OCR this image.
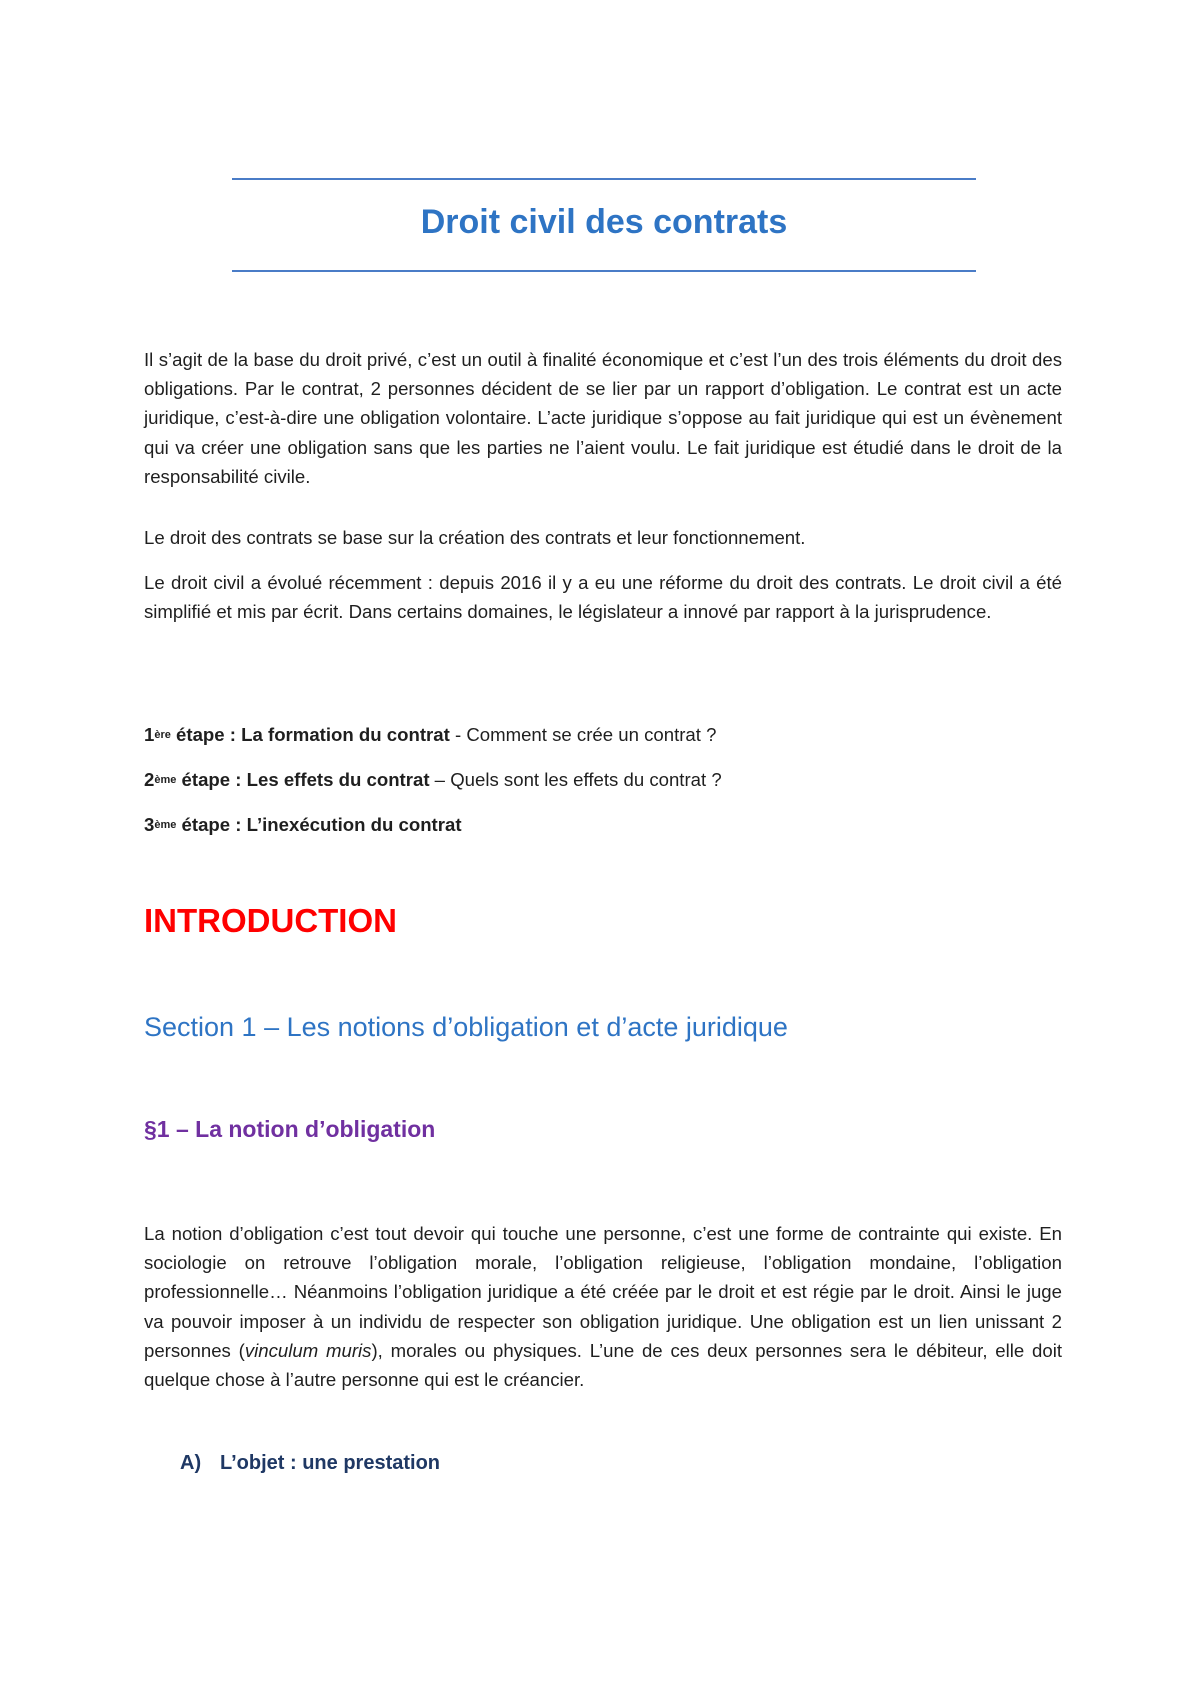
Droit civil des contrats

Il s’agit de la base du droit privé, c’est un outil à finalité économique et c’est l’un des trois éléments du droit des obligations. Par le contrat, 2 personnes décident de se lier par un rapport d’obligation. Le contrat est un acte juridique, c’est-à-dire une obligation volontaire. L’acte juridique s’oppose au fait juridique qui est un évènement qui va créer une obligation sans que les parties ne l’aient voulu. Le fait juridique est étudié dans le droit de la responsabilité civile.

Le droit des contrats se base sur la création des contrats et leur fonctionnement.

Le droit civil a évolué récemment : depuis 2016 il y a eu une réforme du droit des contrats. Le droit civil a été simplifié et mis par écrit. Dans certains domaines, le législateur a innové par rapport à la jurisprudence.

1ère étape : La formation du contrat - Comment se crée un contrat ?
2ème étape : Les effets du contrat – Quels sont les effets du contrat ?
3ème étape : L’inexécution du contrat
INTRODUCTION
Section 1 – Les notions d’obligation et d’acte juridique
§1 – La notion d’obligation

La notion d’obligation c’est tout devoir qui touche une personne, c’est une forme de contrainte qui existe. En sociologie on retrouve l’obligation morale, l’obligation religieuse, l’obligation mondaine, l’obligation professionnelle… Néanmoins l’obligation juridique a été créée par le droit et est régie par le droit. Ainsi le juge va pouvoir imposer à un individu de respecter son obligation juridique. Une obligation est un lien unissant 2 personnes (vinculum muris), morales ou physiques. L’une de ces deux personnes sera le débiteur, elle doit quelque chose à l’autre personne qui est le créancier.

A) L’objet : une prestation
